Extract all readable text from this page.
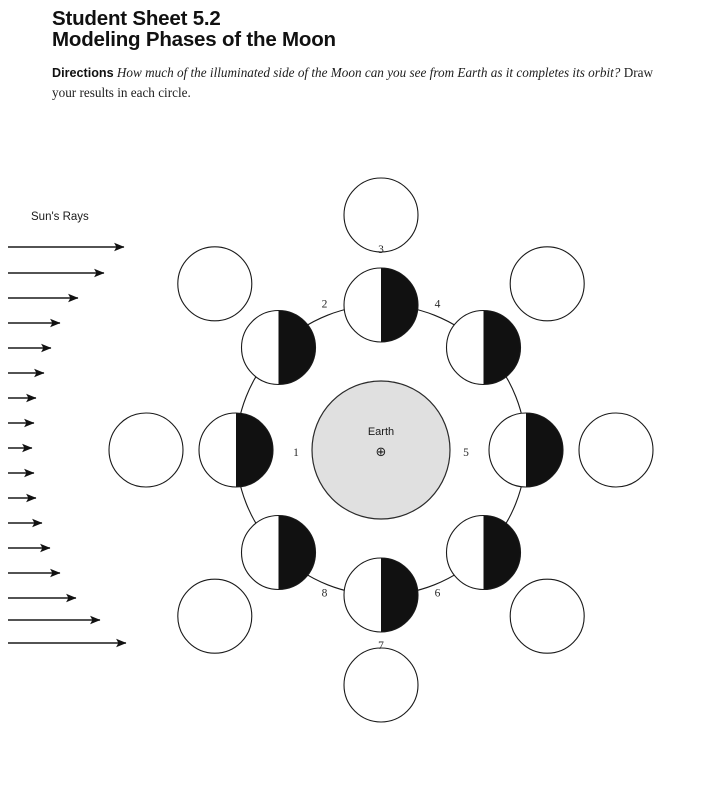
Student Sheet 5.2
Modeling Phases of the Moon
Directions How much of the illuminated side of the Moon can you see from Earth as it completes its orbit? Draw your results in each circle.
Earth
⊕
1
2
3
4
5
6
7
8
Sun's Rays
